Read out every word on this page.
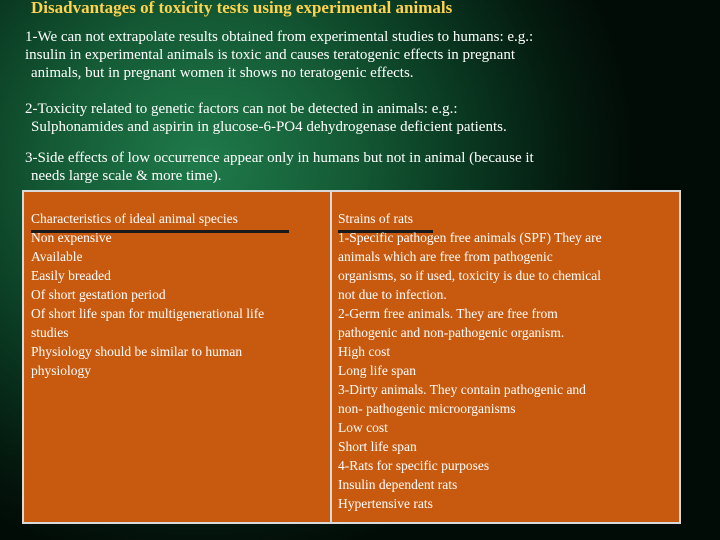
Disadvantages of toxicity tests using experimental animals
1-We can not extrapolate results obtained from experimental studies to humans: e.g.:
insulin in experimental animals is toxic and causes teratogenic effects in pregnant
animals, but in pregnant women it shows no teratogenic effects.
2-Toxicity related to genetic factors can not be detected in animals: e.g.:
Sulphonamides and aspirin in glucose-6-PO4 dehydrogenase deficient patients.
3-Side effects of low occurrence appear only in humans but not in animal (because it
needs large scale & more time).
Characteristics of ideal animal species
Non expensive
Available
Easily breaded
Of short gestation period
Of short life span for multigenerational life
studies
Physiology should be similar to human
physiology
Strains of rats
1-Specific pathogen free animals (SPF) They are
animals which are free from pathogenic
organisms, so if used, toxicity is due to chemical
not due to infection.
2-Germ free animals. They are free from
pathogenic and non-pathogenic organism.
High cost
Long life span
3-Dirty animals. They contain pathogenic and
non- pathogenic microorganisms
Low cost
Short life span
4-Rats for specific purposes
Insulin dependent rats
Hypertensive rats
